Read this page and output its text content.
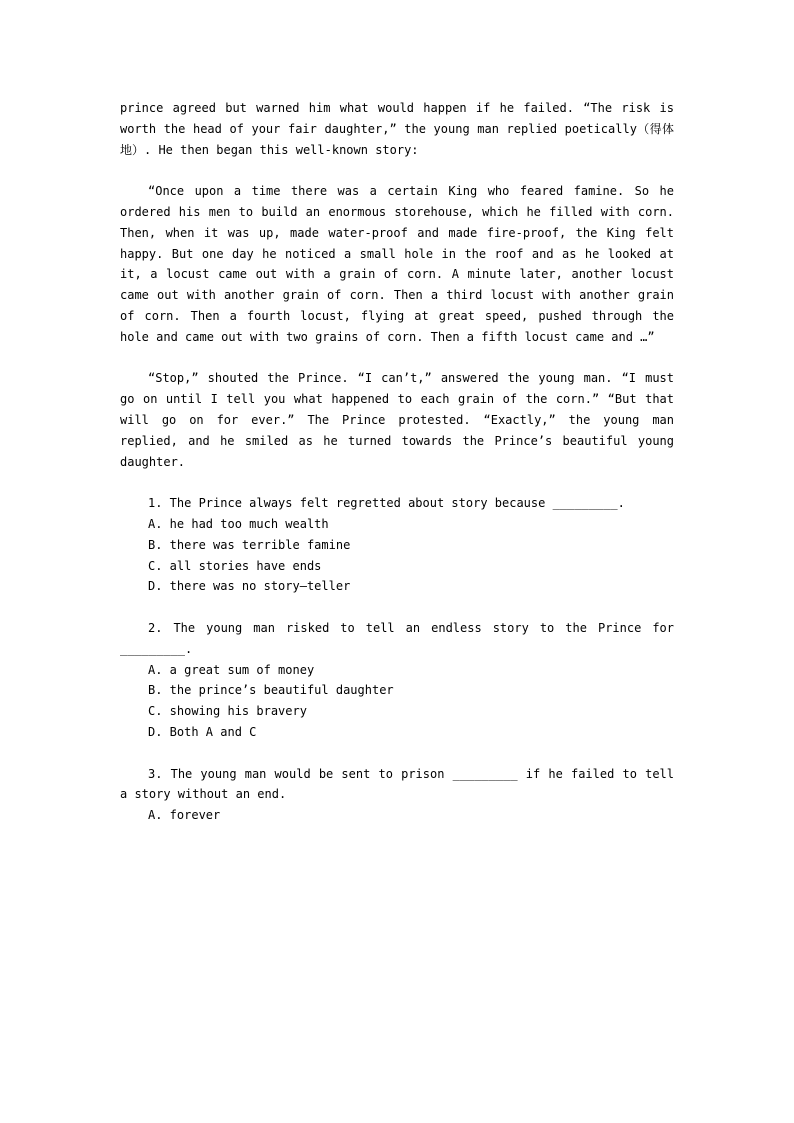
prince agreed but warned him what would happen if he failed. “The risk is worth the head of your fair daughter,” the young man replied poetically（得体地）. He then began this well-known story:

“Once upon a time there was a certain King who feared famine. So he ordered his men to build an enormous storehouse, which he filled with corn. Then, when it was up, made water-proof and made fire-proof, the King felt happy. But one day he noticed a small hole in the roof and as he looked at it, a locust came out with a grain of corn. A minute later, another locust came out with another grain of corn. Then a third locust with another grain of corn. Then a fourth locust, flying at great speed, pushed through the hole and came out with two grains of corn. Then a fifth locust came and …”

“Stop,” shouted the Prince. “I can’t,” answered the young man. “I must go on until I tell you what happened to each grain of the corn.” “But that will go on for ever.” The Prince protested. “Exactly,” the young man replied, and he smiled as he turned towards the Prince’s beautiful young daughter.

1. The Prince always felt regretted about story because _________.

A. he had too much wealth

B. there was terrible famine

C. all stories have ends

D. there was no story—teller

2. The young man risked to tell an endless story to the Prince for _________.

A. a great sum of money

B. the prince’s beautiful daughter

C. showing his bravery

D. Both A and C

3. The young man would be sent to prison _________ if he failed to tell a story without an end.

A. forever
